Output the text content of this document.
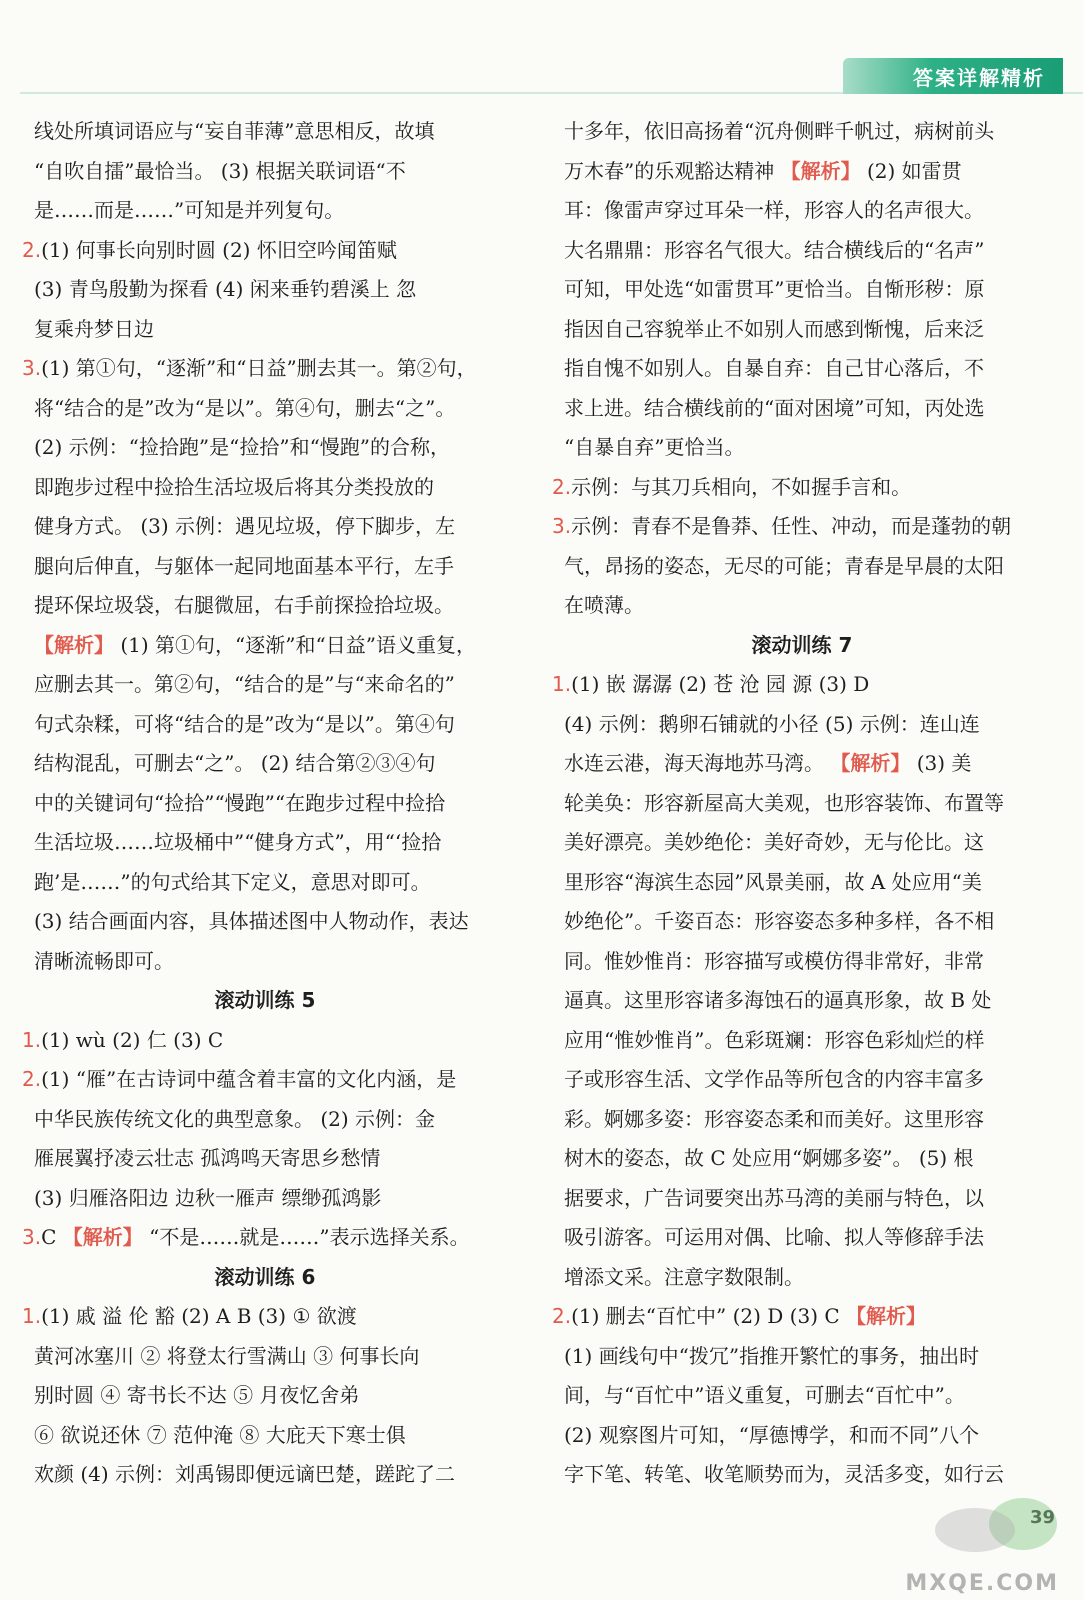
答案详解精析

线处所填词语应与“妄自菲薄”意思相反，故填

“自吹自擂”最恰当。 (3) 根据关联词语“不

是……而是……”可知是并列复句。

2.(1) 何事长向别时圆 (2) 怀旧空吟闻笛赋

(3) 青鸟殷勤为探看 (4) 闲来垂钓碧溪上 忽

复乘舟梦日边

3.(1) 第①句，“逐渐”和“日益”删去其一。第②句，

将“结合的是”改为“是以”。第④句，删去“之”。

(2) 示例：“捡拾跑”是“捡拾”和“慢跑”的合称，

即跑步过程中捡拾生活垃圾后将其分类投放的

健身方式。 (3) 示例：遇见垃圾，停下脚步，左

腿向后伸直，与躯体一起同地面基本平行，左手

提环保垃圾袋，右腿微屈，右手前探捡拾垃圾。

【解析】 (1) 第①句，“逐渐”和“日益”语义重复，

应删去其一。第②句，“结合的是”与“来命名的”

句式杂糅，可将“结合的是”改为“是以”。第④句

结构混乱，可删去“之”。 (2) 结合第②③④句

中的关键词句“捡拾”“慢跑”“在跑步过程中捡拾

生活垃圾……垃圾桶中”“健身方式”，用“‘捡拾

跑’是……”的句式给其下定义，意思对即可。

(3) 结合画面内容，具体描述图中人物动作，表达

清晰流畅即可。

滚动训练 5

1.(1) wù (2) 仁 (3) C

2.(1) “雁”在古诗词中蕴含着丰富的文化内涵，是

中华民族传统文化的典型意象。 (2) 示例：金

雁展翼抒凌云壮志 孤鸿鸣天寄思乡愁情

(3) 归雁洛阳边 边秋一雁声 缥缈孤鸿影

3.C 【解析】 “不是……就是……”表示选择关系。

滚动训练 6

1.(1) 戚 溢 伦 豁 (2) A B (3) ① 欲渡

黄河冰塞川 ② 将登太行雪满山 ③ 何事长向

别时圆 ④ 寄书长不达 ⑤ 月夜忆舍弟

⑥ 欲说还休 ⑦ 范仲淹 ⑧ 大庇天下寒士俱

欢颜 (4) 示例：刘禹锡即便远谪巴楚，蹉跎了二

十多年，依旧高扬着“沉舟侧畔千帆过，病树前头

万木春”的乐观豁达精神 【解析】 (2) 如雷贯

耳：像雷声穿过耳朵一样，形容人的名声很大。

大名鼎鼎：形容名气很大。结合横线后的“名声”

可知，甲处选“如雷贯耳”更恰当。自惭形秽：原

指因自己容貌举止不如别人而感到惭愧，后来泛

指自愧不如别人。自暴自弃：自己甘心落后，不

求上进。结合横线前的“面对困境”可知，丙处选

“自暴自弃”更恰当。

2.示例：与其刀兵相向，不如握手言和。

3.示例：青春不是鲁莽、任性、冲动，而是蓬勃的朝

气，昂扬的姿态，无尽的可能；青春是早晨的太阳

在喷薄。

滚动训练 7

1.(1) 嵌 潺潺 (2) 苍 沧 园 源 (3) D

(4) 示例：鹅卵石铺就的小径 (5) 示例：连山连

水连云港，海天海地苏马湾。 【解析】 (3) 美

轮美奂：形容新屋高大美观，也形容装饰、布置等

美好漂亮。美妙绝伦：美好奇妙，无与伦比。这

里形容“海滨生态园”风景美丽，故 A 处应用“美

妙绝伦”。千姿百态：形容姿态多种多样，各不相

同。惟妙惟肖：形容描写或模仿得非常好，非常

逼真。这里形容诸多海蚀石的逼真形象，故 B 处

应用“惟妙惟肖”。色彩斑斓：形容色彩灿烂的样

子或形容生活、文学作品等所包含的内容丰富多

彩。婀娜多姿：形容姿态柔和而美好。这里形容

树木的姿态，故 C 处应用“婀娜多姿”。 (5) 根

据要求，广告词要突出苏马湾的美丽与特色，以

吸引游客。可运用对偶、比喻、拟人等修辞手法

增添文采。注意字数限制。

2.(1) 删去“百忙中” (2) D (3) C 【解析】

(1) 画线句中“拨冗”指推开繁忙的事务，抽出时

间，与“百忙中”语义重复，可删去“百忙中”。

(2) 观察图片可知，“厚德博学，和而不同”八个

字下笔、转笔、收笔顺势而为，灵活多变，如行云

MXQE.COM
